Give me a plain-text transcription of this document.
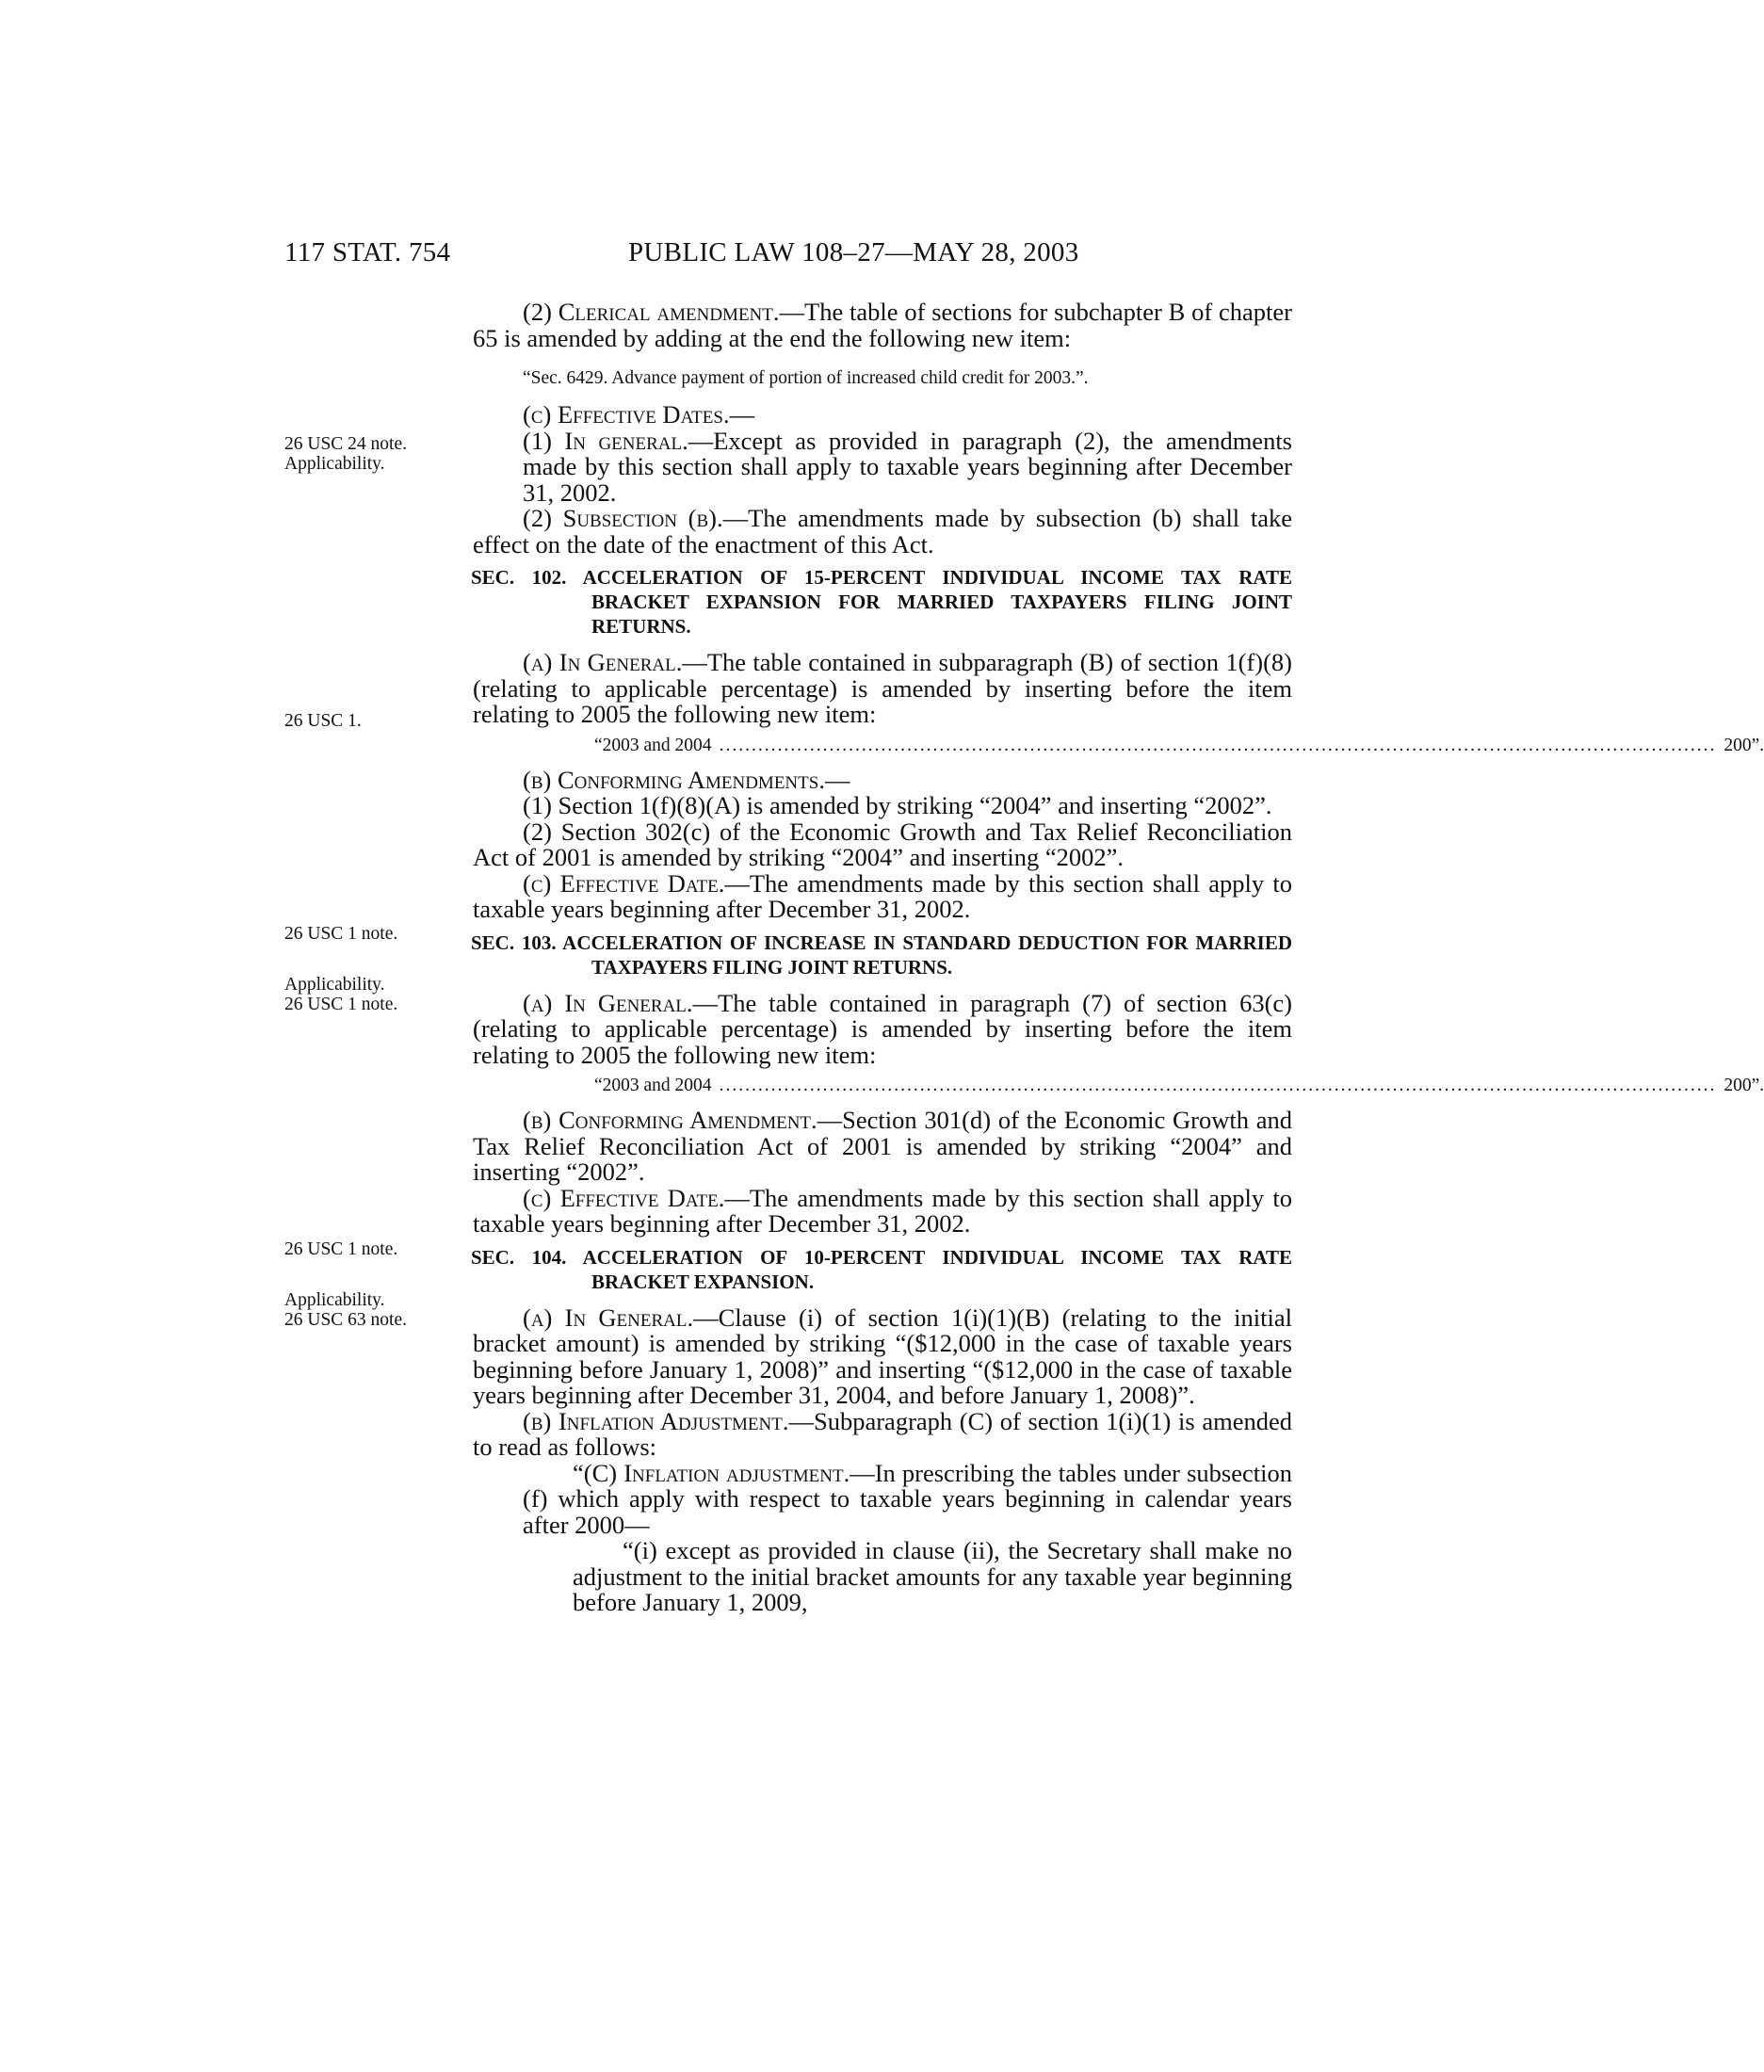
117 STAT. 754	PUBLIC LAW 108–27—MAY 28, 2003
26 USC 24 note.
Applicability.
26 USC 1.
26 USC 1 note.
Applicability.
26 USC 1 note.
26 USC 1 note.
Applicability.
26 USC 63 note.

(2) Clerical amendment.—The table of sections for subchapter B of chapter 65 is amended by adding at the end the following new item:

“Sec. 6429. Advance payment of portion of increased child credit for 2003.”.

(c) Effective Dates.—

(1) In general.—Except as provided in paragraph (2), the amendments made by this section shall apply to taxable years beginning after December 31, 2002.

(2) Subsection (b).—The amendments made by subsection (b) shall take effect on the date of the enactment of this Act.

SEC. 102. ACCELERATION OF 15-PERCENT INDIVIDUAL INCOME TAX RATE BRACKET EXPANSION FOR MARRIED TAXPAYERS FILING JOINT RETURNS.

(a) In General.—The table contained in subparagraph (B) of section 1(f)(8) (relating to applicable percentage) is amended by inserting before the item relating to 2005 the following new item:

“2003 and 2004 .......................................................................................................................................................... 200”.

(b) Conforming Amendments.—

(1) Section 1(f)(8)(A) is amended by striking “2004” and inserting “2002”.

(2) Section 302(c) of the Economic Growth and Tax Relief Reconciliation Act of 2001 is amended by striking “2004” and inserting “2002”.

(c) Effective Date.—The amendments made by this section shall apply to taxable years beginning after December 31, 2002.

SEC. 103. ACCELERATION OF INCREASE IN STANDARD DEDUCTION FOR MARRIED TAXPAYERS FILING JOINT RETURNS.

(a) In General.—The table contained in paragraph (7) of section 63(c) (relating to applicable percentage) is amended by inserting before the item relating to 2005 the following new item:

“2003 and 2004 .......................................................................................................................................................... 200”.

(b) Conforming Amendment.—Section 301(d) of the Economic Growth and Tax Relief Reconciliation Act of 2001 is amended by striking “2004” and inserting “2002”.

(c) Effective Date.—The amendments made by this section shall apply to taxable years beginning after December 31, 2002.

SEC. 104. ACCELERATION OF 10-PERCENT INDIVIDUAL INCOME TAX RATE BRACKET EXPANSION.

(a) In General.—Clause (i) of section 1(i)(1)(B) (relating to the initial bracket amount) is amended by striking “($12,000 in the case of taxable years beginning before January 1, 2008)” and inserting “($12,000 in the case of taxable years beginning after December 31, 2004, and before January 1, 2008)”.

(b) Inflation Adjustment.—Subparagraph (C) of section 1(i)(1) is amended to read as follows:

“(C) Inflation adjustment.—In prescribing the tables under subsection (f) which apply with respect to taxable years beginning in calendar years after 2000—

“(i) except as provided in clause (ii), the Secretary shall make no adjustment to the initial bracket amounts for any taxable year beginning before January 1, 2009,
